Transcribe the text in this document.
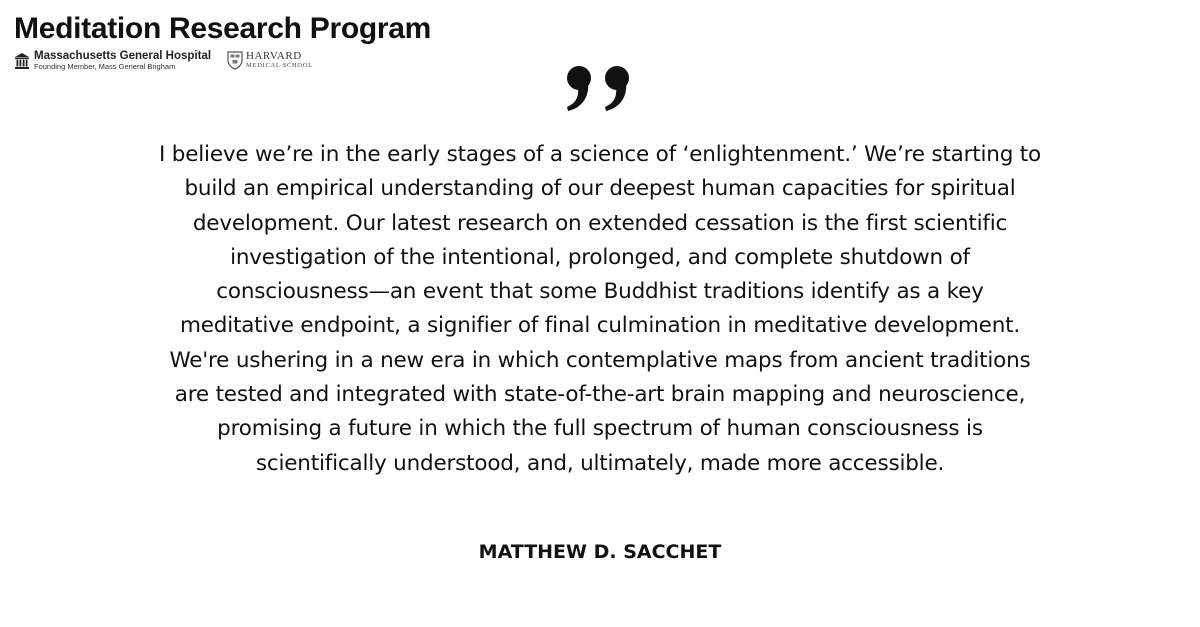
Meditation Research Program
Massachusetts General Hospital
Founding Member, Mass General Brigham
HARVARD
MEDICAL SCHOOL
I believe we’re in the early stages of a science of ‘enlightenment.’ We’re starting to
build an empirical understanding of our deepest human capacities for spiritual
development. Our latest research on extended cessation is the first scientific
investigation of the intentional, prolonged, and complete shutdown of
consciousness—an event that some Buddhist traditions identify as a key
meditative endpoint, a signifier of final culmination in meditative development.
We're ushering in a new era in which contemplative maps from ancient traditions
are tested and integrated with state-of-the-art brain mapping and neuroscience,
promising a future in which the full spectrum of human consciousness is
scientifically understood, and, ultimately, made more accessible.
MATTHEW D. SACCHET
